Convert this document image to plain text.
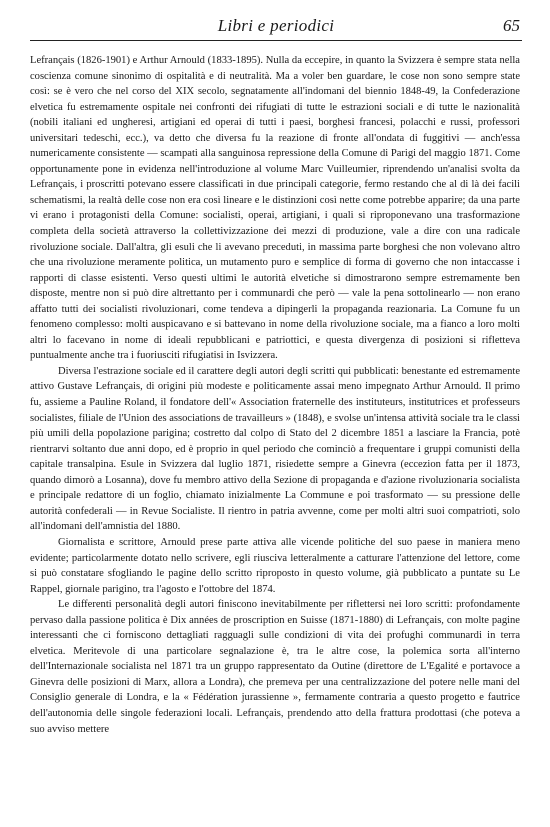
Libri e periodici	65

Lefrançais (1826-1901) e Arthur Arnould (1833-1895). Nulla da eccepire, in quanto la Svizzera è sempre stata nella coscienza comune sinonimo di ospitalità e di neutralità. Ma a voler ben guardare, le cose non sono sempre state così: se è vero che nel corso del XIX secolo, segnatamente all'indomani del biennio 1848-49, la Confederazione elvetica fu estremamente ospitale nei confronti dei rifugiati di tutte le estrazioni sociali e di tutte le nazionalità (nobili italiani ed ungheresi, artigiani ed operai di tutti i paesi, borghesi francesi, polacchi e russi, professori universitari tedeschi, ecc.), va detto che diversa fu la reazione di fronte all'ondata di fuggitivi — anch'essa numericamente consistente — scampati alla sanguinosa repressione della Comune di Parigi del maggio 1871. Come opportunamente pone in evidenza nell'introduzione al volume Marc Vuilleumier, riprendendo un'analisi svolta da Lefrançais, i proscritti potevano essere classificati in due principali categorie, fermo restando che al di là dei facili schematismi, la realtà delle cose non era così lineare e le distinzioni così nette come potrebbe apparire; da una parte vi erano i protagonisti della Comune: socialisti, operai, artigiani, i quali si riproponevano una trasformazione completa della società attraverso la collettivizzazione dei mezzi di produzione, vale a dire con una radicale rivoluzione sociale. Dall'altra, gli esuli che li avevano preceduti, in massima parte borghesi che non volevano altro che una rivoluzione meramente politica, un mutamento puro e semplice di forma di governo che non intaccasse i rapporti di classe esistenti. Verso questi ultimi le autorità elvetiche si dimostrarono sempre estremamente ben disposte, mentre non si può dire altrettanto per i communardi che però — vale la pena sottolinearlo — non erano affatto tutti dei socialisti rivoluzionari, come tendeva a dipingerli la propaganda reazionaria. La Comune fu un fenomeno complesso: molti auspicavano e si battevano in nome della rivoluzione sociale, ma a fianco a loro molti altri lo facevano in nome di ideali repubblicani e patriottici, e questa divergenza di posizioni si rifletteva puntualmente anche tra i fuoriusciti rifugiatisi in Isvizzera.

Diversa l'estrazione sociale ed il carattere degli autori degli scritti qui pubblicati: benestante ed estremamente attivo Gustave Lefrançais, di origini più modeste e politicamente assai meno impegnato Arthur Arnould. Il primo fu, assieme a Pauline Roland, il fondatore dell'« Association fraternelle des instituteurs, institutrices et professeurs socialistes, filiale de l'Union des associations de travailleurs » (1848), e svolse un'intensa attività sociale tra le classi più umili della popolazione parigina; costretto dal colpo di Stato del 2 dicembre 1851 a lasciare la Francia, potè rientrarvi soltanto due anni dopo, ed è proprio in quel periodo che cominciò a frequentare i gruppi comunisti della capitale transalpina. Esule in Svizzera dal luglio 1871, risiedette sempre a Ginevra (eccezion fatta per il 1873, quando dimorò a Losanna), dove fu membro attivo della Sezione di propaganda e d'azione rivoluzionaria socialista e principale redattore di un foglio, chiamato inizialmente La Commune e poi trasformato — su pressione delle autorità confederali — in Revue Socialiste. Il rientro in patria avvenne, come per molti altri suoi compatrioti, solo all'indomani dell'amnistia del 1880.

Giornalista e scrittore, Arnould prese parte attiva alle vicende politiche del suo paese in maniera meno evidente; particolarmente dotato nello scrivere, egli riusciva letteralmente a catturare l'attenzione del lettore, come si può constatare sfogliando le pagine dello scritto riproposto in questo volume, già pubblicato a puntate su Le Rappel, giornale parigino, tra l'agosto e l'ottobre del 1874.

Le differenti personalità degli autori finiscono inevitabilmente per riflettersi nei loro scritti: profondamente pervaso dalla passione politica è Dix années de proscription en Suisse (1871-1880) di Lefrançais, con molte pagine interessanti che ci forniscono dettagliati ragguagli sulle condizioni di vita dei profughi communardi in terra elvetica. Meritevole di una particolare segnalazione è, tra le altre cose, la polemica sorta all'interno dell'Internazionale socialista nel 1871 tra un gruppo rappresentato da Outine (direttore de L'Egalité e portavoce a Ginevra delle posizioni di Marx, allora a Londra), che premeva per una centralizzazione del potere nelle mani del Consiglio generale di Londra, e la « Fédération jurassienne », fermamente contraria a questo progetto e fautrice dell'autonomia delle singole federazioni locali. Lefrançais, prendendo atto della frattura prodottasi (che poteva a suo avviso mettere
